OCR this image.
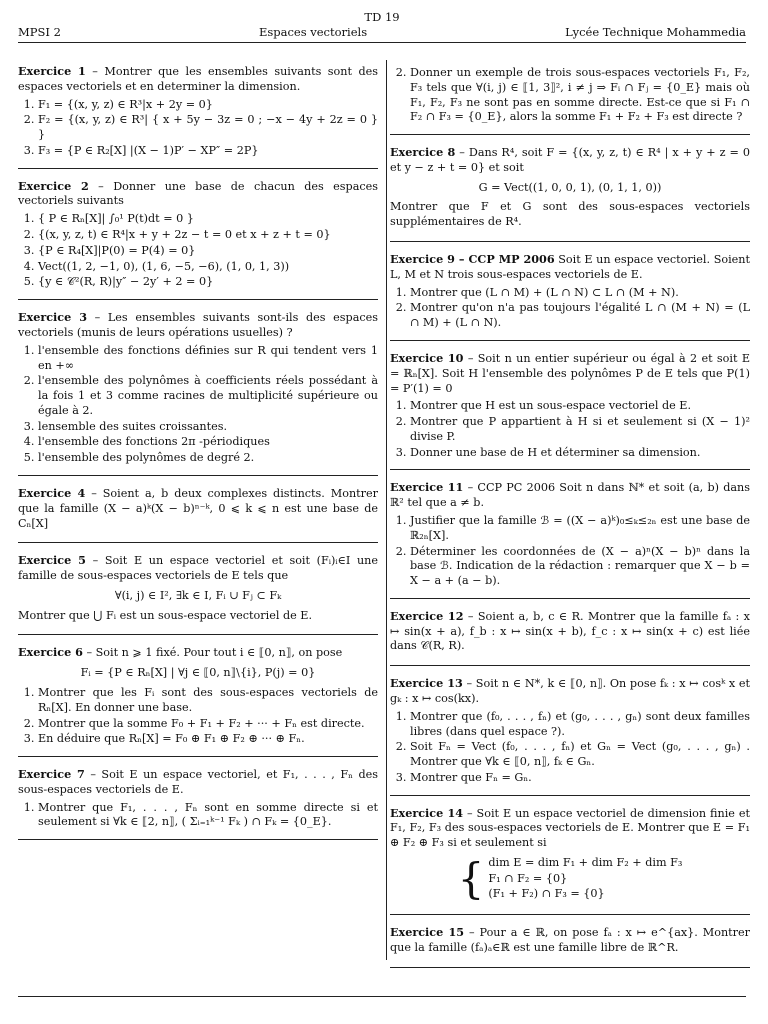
TD 19
MPSI 2	Espaces vectoriels	Lycée Technique Mohammedia

Exercice 1 – Montrer que les ensembles suivants sont des espaces vectoriels et en determiner la dimension.

1. F₁ = {(x, y, z) ∈ R³|x + 2y = 0}
2. F₂ = {(x, y, z) ∈ R³| { x + 5y − 3z = 0 ; −x − 4y + 2z = 0 } }
3. F₃ = {P ∈ R₂[X] |(X − 1)P′ − XP″ = 2P}

Exercice 2 – Donner une base de chacun des espaces vectoriels suivants

1. { P ∈ Rₙ[X]| ∫₀¹ P(t)dt = 0 }
2. {(x, y, z, t) ∈ R⁴|x + y + 2z − t = 0 et x + z + t = 0}
3. {P ∈ R₄[X]|P(0) = P(4) = 0}
4. Vect((1, 2, −1, 0), (1, 6, −5, −6), (1, 0, 1, 3))
5. {y ∈ 𝒞²(R, R)|y″ − 2y′ + 2 = 0}

Exercice 3 – Les ensembles suivants sont-ils des espaces vectoriels (munis de leurs opérations usuelles) ?

1. l'ensemble des fonctions définies sur R qui tendent vers 1 en +∞
2. l'ensemble des polynômes à coefficients réels possédant à la fois 1 et 3 comme racines de multiplicité supérieure ou égale à 2.
3. lensemble des suites croissantes.
4. l'ensemble des fonctions 2π -périodiques
5. l'ensemble des polynômes de degré 2.

Exercice 4 – Soient a, b deux complexes distincts. Montrer que la famille (X − a)ᵏ(X − b)ⁿ⁻ᵏ, 0 ⩽ k ⩽ n est une base de Cₙ[X]

Exercice 5 – Soit E un espace vectoriel et soit (Fᵢ)ᵢ∈I une famille de sous-espaces vectoriels de E tels que

∀(i, j) ∈ I², ∃k ∈ I, Fᵢ ∪ Fⱼ ⊂ Fₖ

Montrer que ⋃ Fᵢ est un sous-espace vectoriel de E.

Exercice 6 – Soit n ⩾ 1 fixé. Pour tout i ∈ ⟦0, n⟧, on pose

Fᵢ = {P ∈ Rₙ[X] | ∀j ∈ ⟦0, n⟧\{i}, P(j) = 0}
1. Montrer que les Fᵢ sont des sous-espaces vectoriels de Rₙ[X]. En donner une base.
2. Montrer que la somme F₀ + F₁ + F₂ + ··· + Fₙ est directe.
3. En déduire que Rₙ[X] = F₀ ⊕ F₁ ⊕ F₂ ⊕ ··· ⊕ Fₙ.

Exercice 7 – Soit E un espace vectoriel, et F₁, . . . , Fₙ des sous-espaces vectoriels de E.

1. Montrer que F₁, . . . , Fₙ sont en somme directe si et seulement si ∀k ∈ ⟦2, n⟧, ( Σᵢ₌₁ᵏ⁻¹ Fₖ ) ∩ Fₖ = {0_E}.
2. Donner un exemple de trois sous-espaces vectoriels F₁, F₂, F₃ tels que ∀(i, j) ∈ ⟦1, 3⟧², i ≠ j ⇒ Fᵢ ∩ Fⱼ = {0_E} mais où F₁, F₂, F₃ ne sont pas en somme directe. Est-ce que si F₁ ∩ F₂ ∩ F₃ = {0_E}, alors la somme F₁ + F₂ + F₃ est directe ?

Exercice 8 – Dans R⁴, soit F = {(x, y, z, t) ∈ R⁴ | x + y + z = 0 et y − z + t = 0} et soit

G = Vect((1, 0, 0, 1), (0, 1, 1, 0))

Montrer que F et G sont des sous-espaces vectoriels supplémentaires de R⁴.

Exercice 9 – CCP MP 2006 Soit E un espace vectoriel. Soient L, M et N trois sous-espaces vectoriels de E.

1. Montrer que (L ∩ M) + (L ∩ N) ⊂ L ∩ (M + N).
2. Montrer qu'on n'a pas toujours l'égalité L ∩ (M + N) = (L ∩ M) + (L ∩ N).

Exercice 10 – Soit n un entier supérieur ou égal à 2 et soit E = ℝₙ[X]. Soit H l'ensemble des polynômes P de E tels que P(1) = P′(1) = 0

1. Montrer que H est un sous-espace vectoriel de E.
2. Montrer que P appartient à H si et seulement si (X − 1)² divise P.
3. Donner une base de H et déterminer sa dimension.

Exercice 11 – CCP PC 2006 Soit n dans ℕ* et soit (a, b) dans ℝ² tel que a ≠ b.

1. Justifier que la famille ℬ = ((X − a)ᵏ)₀≤ₖ≤₂ₙ est une base de ℝ₂ₙ[X].
2. Déterminer les coordonnées de (X − a)ⁿ(X − b)ⁿ dans la base ℬ. Indication de la rédaction : remarquer que X − b = X − a + (a − b).

Exercice 12 – Soient a, b, c ∈ R. Montrer que la famille fₐ : x ↦ sin(x + a), f_b : x ↦ sin(x + b), f_c : x ↦ sin(x + c) est liée dans 𝒞(R, R).

Exercice 13 – Soit n ∈ N*, k ∈ ⟦0, n⟧. On pose fₖ : x ↦ cosᵏ x et gₖ : x ↦ cos(kx).

1. Montrer que (f₀, . . . , fₙ) et (g₀, . . . , gₙ) sont deux familles libres (dans quel espace ?).
2. Soit Fₙ = Vect (f₀, . . . , fₙ) et Gₙ = Vect (g₀, . . . , gₙ) . Montrer que ∀k ∈ ⟦0, n⟧, fₖ ∈ Gₙ.
3. Montrer que Fₙ = Gₙ.

Exercice 14 – Soit E un espace vectoriel de dimension finie et F₁, F₂, F₃ des sous-espaces vectoriels de E. Montrer que E = F₁ ⊕ F₂ ⊕ F₃ si et seulement si

{ dim E = dim F₁ + dim F₂ + dim F₃
F₁ ∩ F₂ = {0}
(F₁ + F₂) ∩ F₃ = {0}

Exercice 15 – Pour a ∈ ℝ, on pose fₐ : x ↦ e^{ax}. Montrer que la famille (fₐ)ₐ∈ℝ est une famille libre de ℝ^R.
